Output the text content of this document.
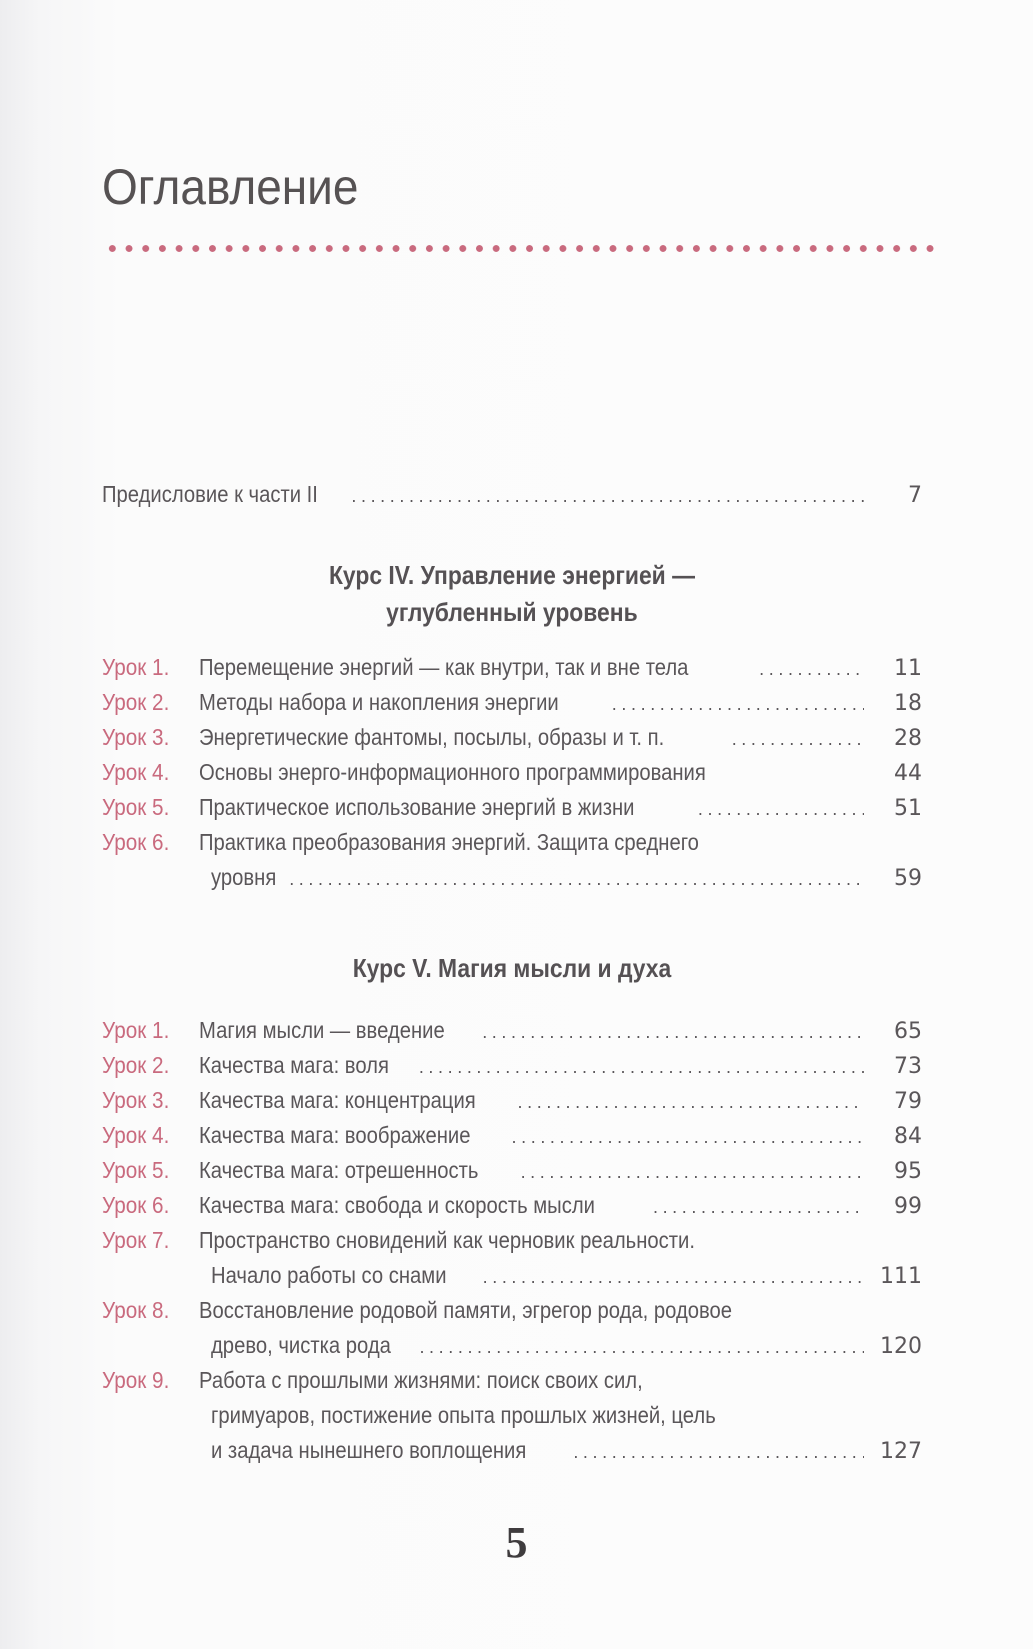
Оглавление
Предисловие к части II .....	7
Курс IV. Управление энергией —
углубленный уровень
Урок 1.	Перемещение энергий — как внутри, так и вне тела .....	11
Урок 2.	Методы набора и накопления энергии .....	18
Урок 3.	Энергетические фантомы, посылы, образы и т. п. .....	28
Урок 4.	Основы энерго-информационного программирования	44
Урок 5.	Практическое использование энергий в жизни .....	51
Урок 6.	Практика преобразования энергий. Защита среднего
уровня .....	59
Курс V. Магия мысли и духа
Урок 1.	Магия мысли — введение .....	65
Урок 2.	Качества мага: воля .....	73
Урок 3.	Качества мага: концентрация .....	79
Урок 4.	Качества мага: воображение .....	84
Урок 5.	Качества мага: отрешенность .....	95
Урок 6.	Качества мага: свобода и скорость мысли .....	99
Урок 7.	Пространство сновидений как черновик реальности.
Начало работы со снами .....	111
Урок 8.	Восстановление родовой памяти, эгрегор рода, родовое
древо, чистка рода .....	120
Урок 9.	Работа с прошлыми жизнями: поиск своих сил,
гримуаров, постижение опыта прошлых жизней, цель
и задача нынешнего воплощения .....	127
5
